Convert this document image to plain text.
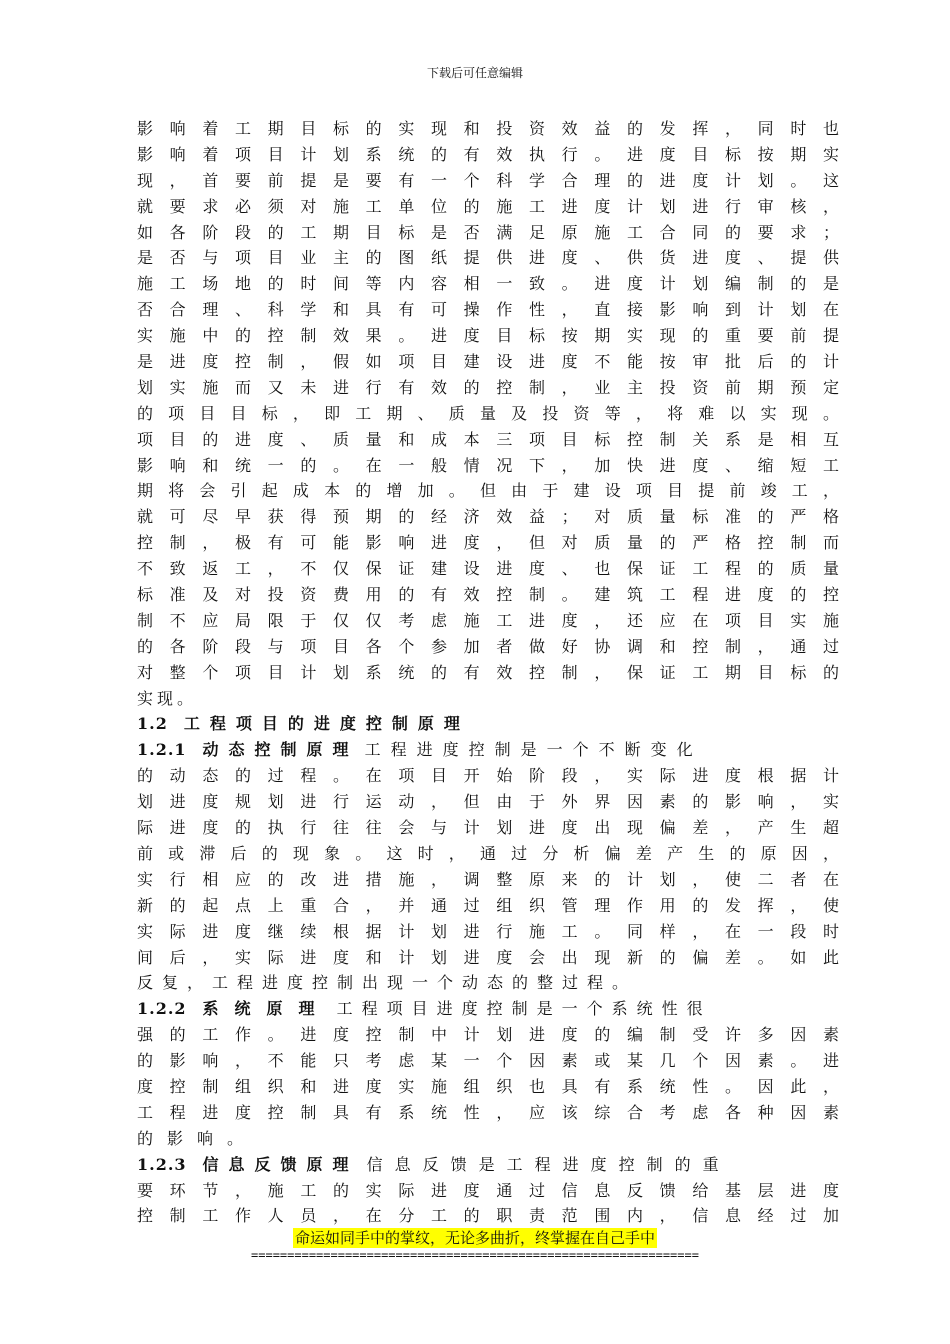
下载后可任意编辑
影响着工期目标的实现和投资效益的发挥，同时也
影响着项目计划系统的有效执行。进度目标按期实
现，首要前提是要有一个科学合理的进度计划。这
就要求必须对施工单位的施工进度计划进行审核，
如各阶段的工期目标是否满足原施工合同的要求；
是否与项目业主的图纸提供进度、供货进度、提供
施工场地的时间等内容相一致。进度计划编制的是
否合理、科学和具有可操作性，直接影响到计划在
实施中的控制效果。进度目标按期实现的重要前提
是进度控制，假如项目建设进度不能按审批后的计
划实施而又未进行有效的控制，业主投资前期预定
的项目目标，即工期、质量及投资等，将难以实现。
项目的进度、质量和成本三项目标控制关系是相互
影响和统一的。在一般情况下，加快进度、缩短工
期将会引起成本的增加。但由于建设项目提前竣工，
就可尽早获得预期的经济效益；对质量标准的严格
控制，极有可能影响进度，但对质量的严格控制而
不致返工，不仅保证建设进度、也保证工程的质量
标准及对投资费用的有效控制。建筑工程进度的控
制不应局限于仅仅考虑施工进度，还应在项目实施
的各阶段与项目各个参加者做好协调和控制，通过
对整个项目计划系统的有效控制，保证工期目标的
实现。
1.2 工程项目的进度控制原理
1.2.1 动态控制原理 工程进度控制是一个不断变化
的动态的过程。在项目开始阶段，实际进度根据计
划进度规划进行运动，但由于外界因素的影响，实
际进度的执行往往会与计划进度出现偏差，产生超
前或滞后的现象。这时，通过分析偏差产生的原因，
实行相应的改进措施，调整原来的计划，使二者在
新的起点上重合，并通过组织管理作用的发挥，使
实际进度继续根据计划进行施工。同样，在一段时
间后，实际进度和计划进度会出现新的偏差。如此
反复，工程进度控制出现一个动态的整过程。
1.2.2 系统原理 工程项目进度控制是一个系统性很
强的工作。进度控制中计划进度的编制受许多因素
的影响，不能只考虑某一个因素或某几个因素。进
度控制组织和进度实施组织也具有系统性。因此，
工程进度控制具有系统性，应该综合考虑各种因素
的影响。
1.2.3 信息反馈原理 信息反馈是工程进度控制的重
要环节，施工的实际进度通过信息反馈给基层进度
控制工作人员，在分工的职责范围内，信息经过加
命运如同手中的掌纹，无论多曲折，终掌握在自己手中
==============================================================
